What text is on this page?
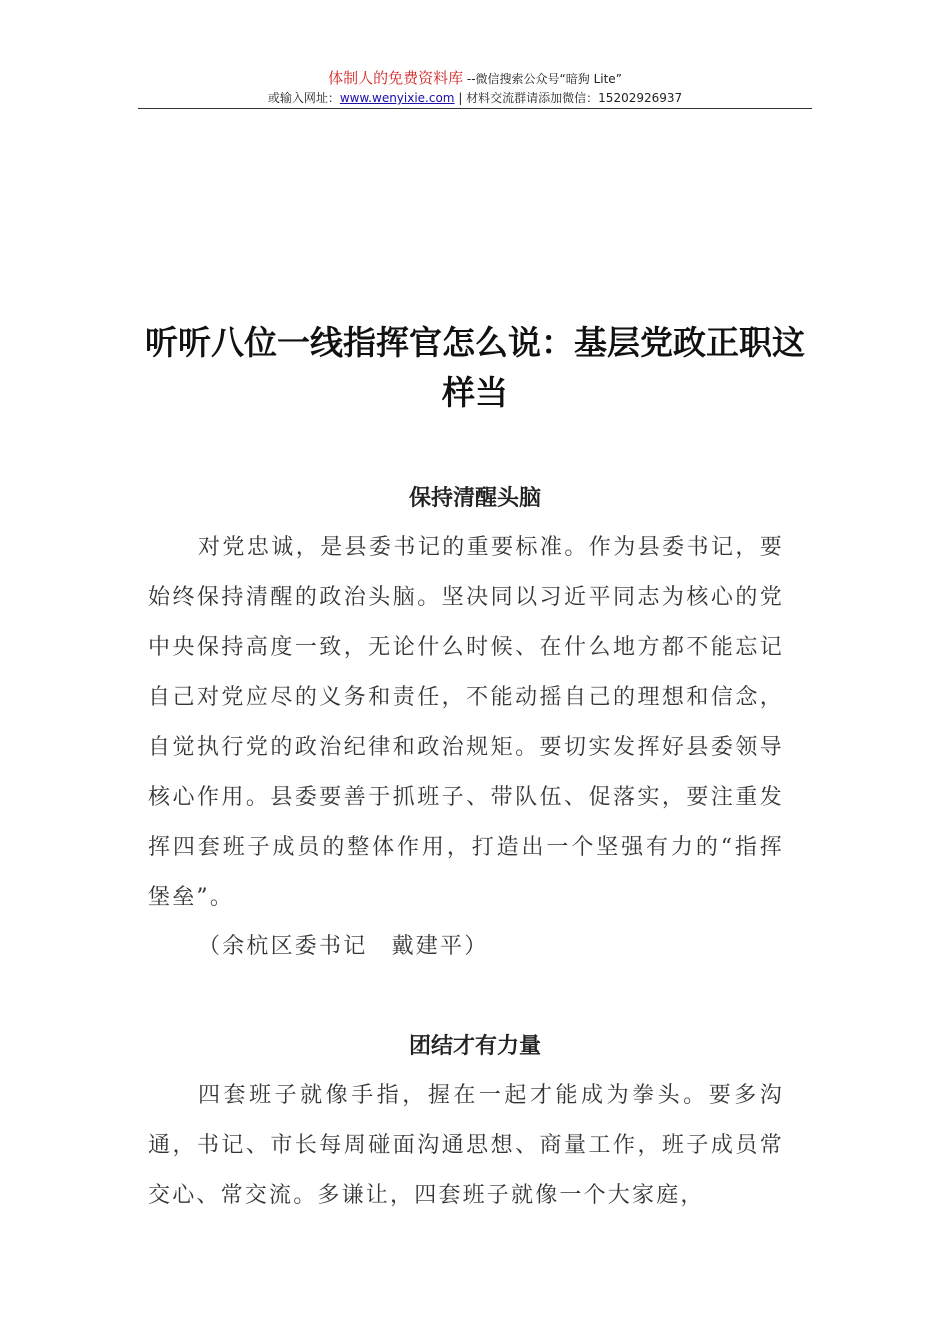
体制人的免费资料库 --微信搜索公众号“暗狗 Lite”
或输入网址：www.wenyixie.com | 材料交流群请添加微信：15202926937
听听八位一线指挥官怎么说：基层党政正职这样当
保持清醒头脑
对党忠诚，是县委书记的重要标准。作为县委书记，要始终保持清醒的政治头脑。坚决同以习近平同志为核心的党中央保持高度一致，无论什么时候、在什么地方都不能忘记自己对党应尽的义务和责任，不能动摇自己的理想和信念，自觉执行党的政治纪律和政治规矩。要切实发挥好县委领导核心作用。县委要善于抓班子、带队伍、促落实，要注重发挥四套班子成员的整体作用，打造出一个坚强有力的“指挥堡垒”。
（余杭区委书记　戴建平）
团结才有力量
四套班子就像手指，握在一起才能成为拳头。要多沟通，书记、市长每周碰面沟通思想、商量工作，班子成员常交心、常交流。多谦让，四套班子就像一个大家庭，
